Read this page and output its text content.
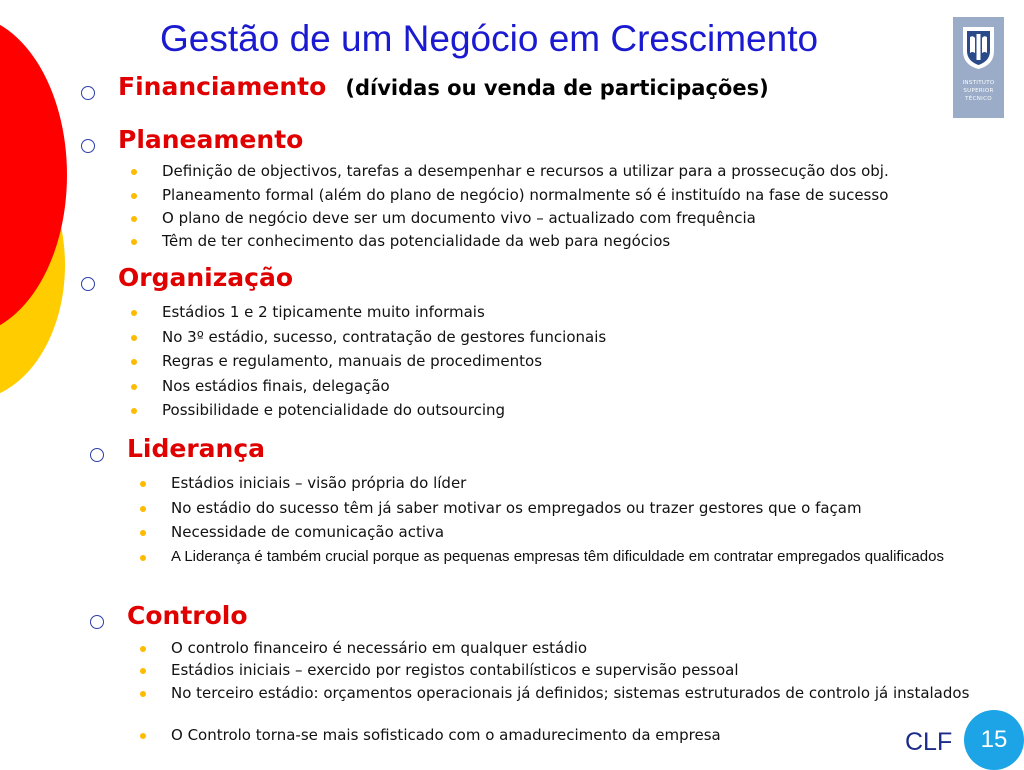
Gestão de um Negócio em Crescimento
INSTITUTO
SUPERIOR
TÉCNICO
Financiamento (dívidas ou venda de participações)
Planeamento
Definição de objectivos, tarefas a desempenhar e recursos a utilizar para a prossecução dos obj.
Planeamento formal (além do plano de negócio) normalmente só é instituído na fase de sucesso
O plano de negócio deve ser um documento vivo – actualizado com frequência
Têm de ter conhecimento das potencialidade da web para negócios
Organização
Estádios 1 e 2 tipicamente muito informais
No 3º estádio, sucesso, contratação de gestores funcionais
Regras e regulamento, manuais de procedimentos
Nos estádios finais, delegação
Possibilidade e potencialidade do outsourcing
Liderança
Estádios iniciais – visão própria do líder
No estádio do sucesso têm já saber motivar os empregados ou trazer gestores que o façam
Necessidade de comunicação activa
A Liderança é também crucial porque as pequenas empresas têm dificuldade em contratar empregados qualificados
Controlo
O controlo financeiro é necessário em qualquer estádio
Estádios iniciais – exercido por registos contabilísticos e supervisão pessoal
No terceiro estádio: orçamentos operacionais já definidos; sistemas estruturados de controlo já instalados
O Controlo torna-se mais sofisticado com o amadurecimento da empresa	CLF	15
